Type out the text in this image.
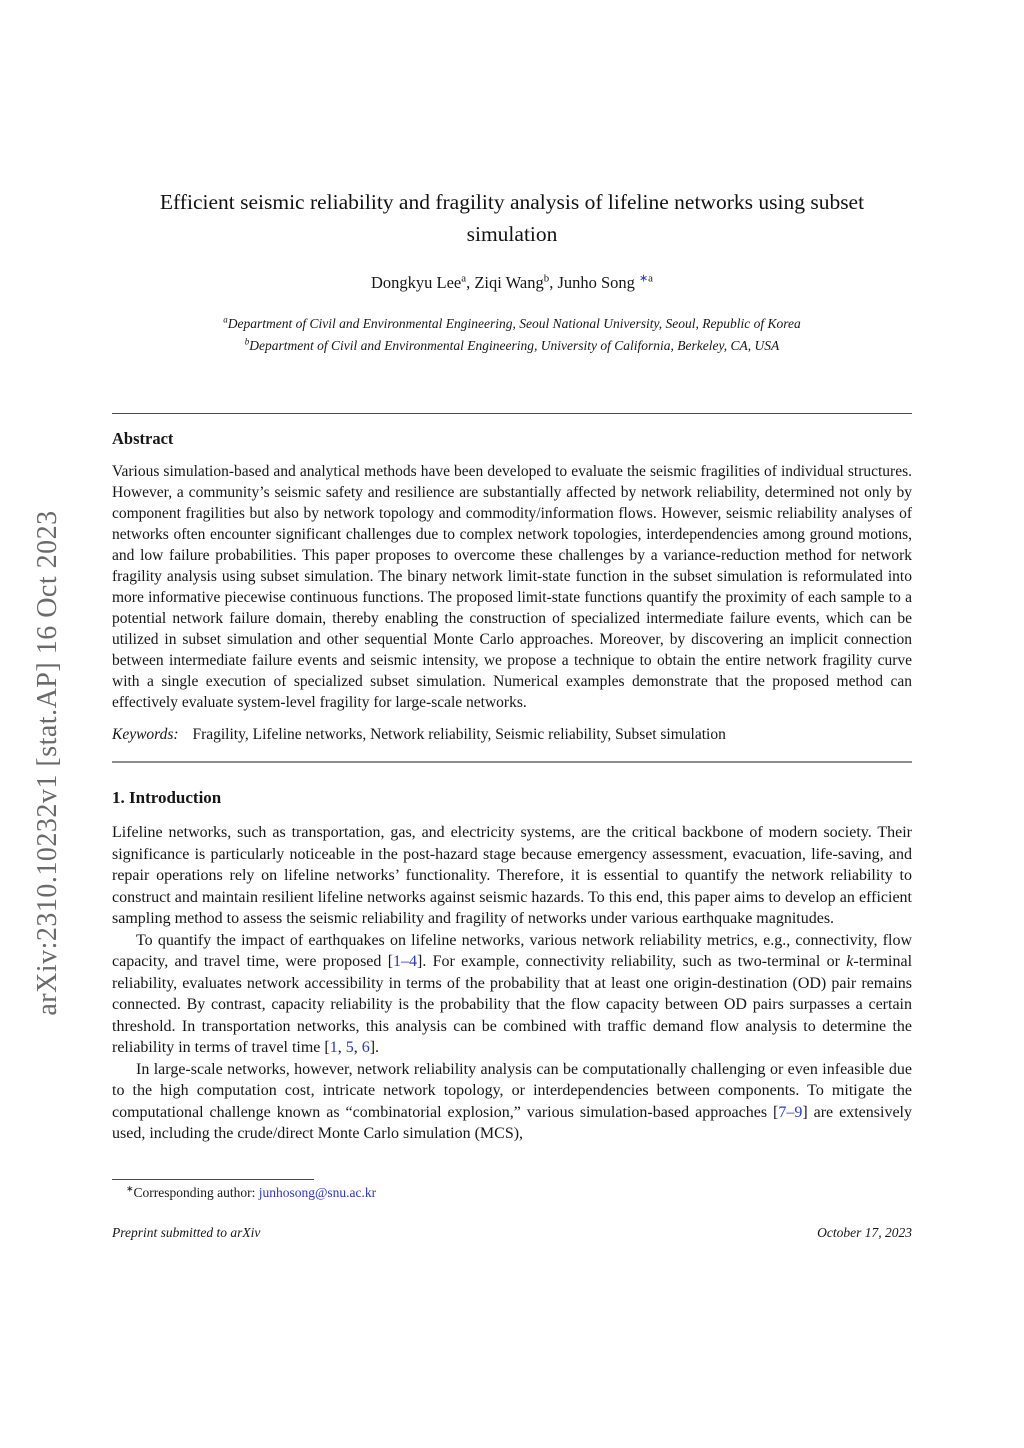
arXiv:2310.10232v1 [stat.AP] 16 Oct 2023
Efficient seismic reliability and fragility analysis of lifeline networks using subset simulation
Dongkyu Lee$^a$, Ziqi Wang$^b$, Junho Song $^{∗a}$
$^a$Department of Civil and Environmental Engineering, Seoul National University, Seoul, Republic of Korea
$^b$Department of Civil and Environmental Engineering, University of California, Berkeley, CA, USA
Abstract
Various simulation-based and analytical methods have been developed to evaluate the seismic fragilities of individual structures. However, a community’s seismic safety and resilience are substantially affected by network reliability, determined not only by component fragilities but also by network topology and commodity/information flows. However, seismic reliability analyses of networks often encounter significant challenges due to complex network topologies, interdependencies among ground motions, and low failure probabilities. This paper proposes to overcome these challenges by a variance-reduction method for network fragility analysis using subset simulation. The binary network limit-state function in the subset simulation is reformulated into more informative piecewise continuous functions. The proposed limit-state functions quantify the proximity of each sample to a potential network failure domain, thereby enabling the construction of specialized intermediate failure events, which can be utilized in subset simulation and other sequential Monte Carlo approaches. Moreover, by discovering an implicit connection between intermediate failure events and seismic intensity, we propose a technique to obtain the entire network fragility curve with a single execution of specialized subset simulation. Numerical examples demonstrate that the proposed method can effectively evaluate system-level fragility for large-scale networks.
Keywords: Fragility, Lifeline networks, Network reliability, Seismic reliability, Subset simulation
1. Introduction

Lifeline networks, such as transportation, gas, and electricity systems, are the critical backbone of modern society. Their significance is particularly noticeable in the post-hazard stage because emergency assessment, evacuation, life-saving, and repair operations rely on lifeline networks’ functionality. Therefore, it is essential to quantify the network reliability to construct and maintain resilient lifeline networks against seismic hazards. To this end, this paper aims to develop an efficient sampling method to assess the seismic reliability and fragility of networks under various earthquake magnitudes.

To quantify the impact of earthquakes on lifeline networks, various network reliability metrics, e.g., connectivity, flow capacity, and travel time, were proposed [1–4]. For example, connectivity reliability, such as two-terminal or k-terminal reliability, evaluates network accessibility in terms of the probability that at least one origin-destination (OD) pair remains connected. By contrast, capacity reliability is the probability that the flow capacity between OD pairs surpasses a certain threshold. In transportation networks, this analysis can be combined with traffic demand flow analysis to determine the reliability in terms of travel time [1, 5, 6].

In large-scale networks, however, network reliability analysis can be computationally challenging or even infeasible due to the high computation cost, intricate network topology, or interdependencies between components. To mitigate the computational challenge known as “combinatorial explosion,” various simulation-based approaches [7–9] are extensively used, including the crude/direct Monte Carlo simulation (MCS),

∗Corresponding author: junhosong@snu.ac.kr
Preprint submitted to arXiv	October 17, 2023
